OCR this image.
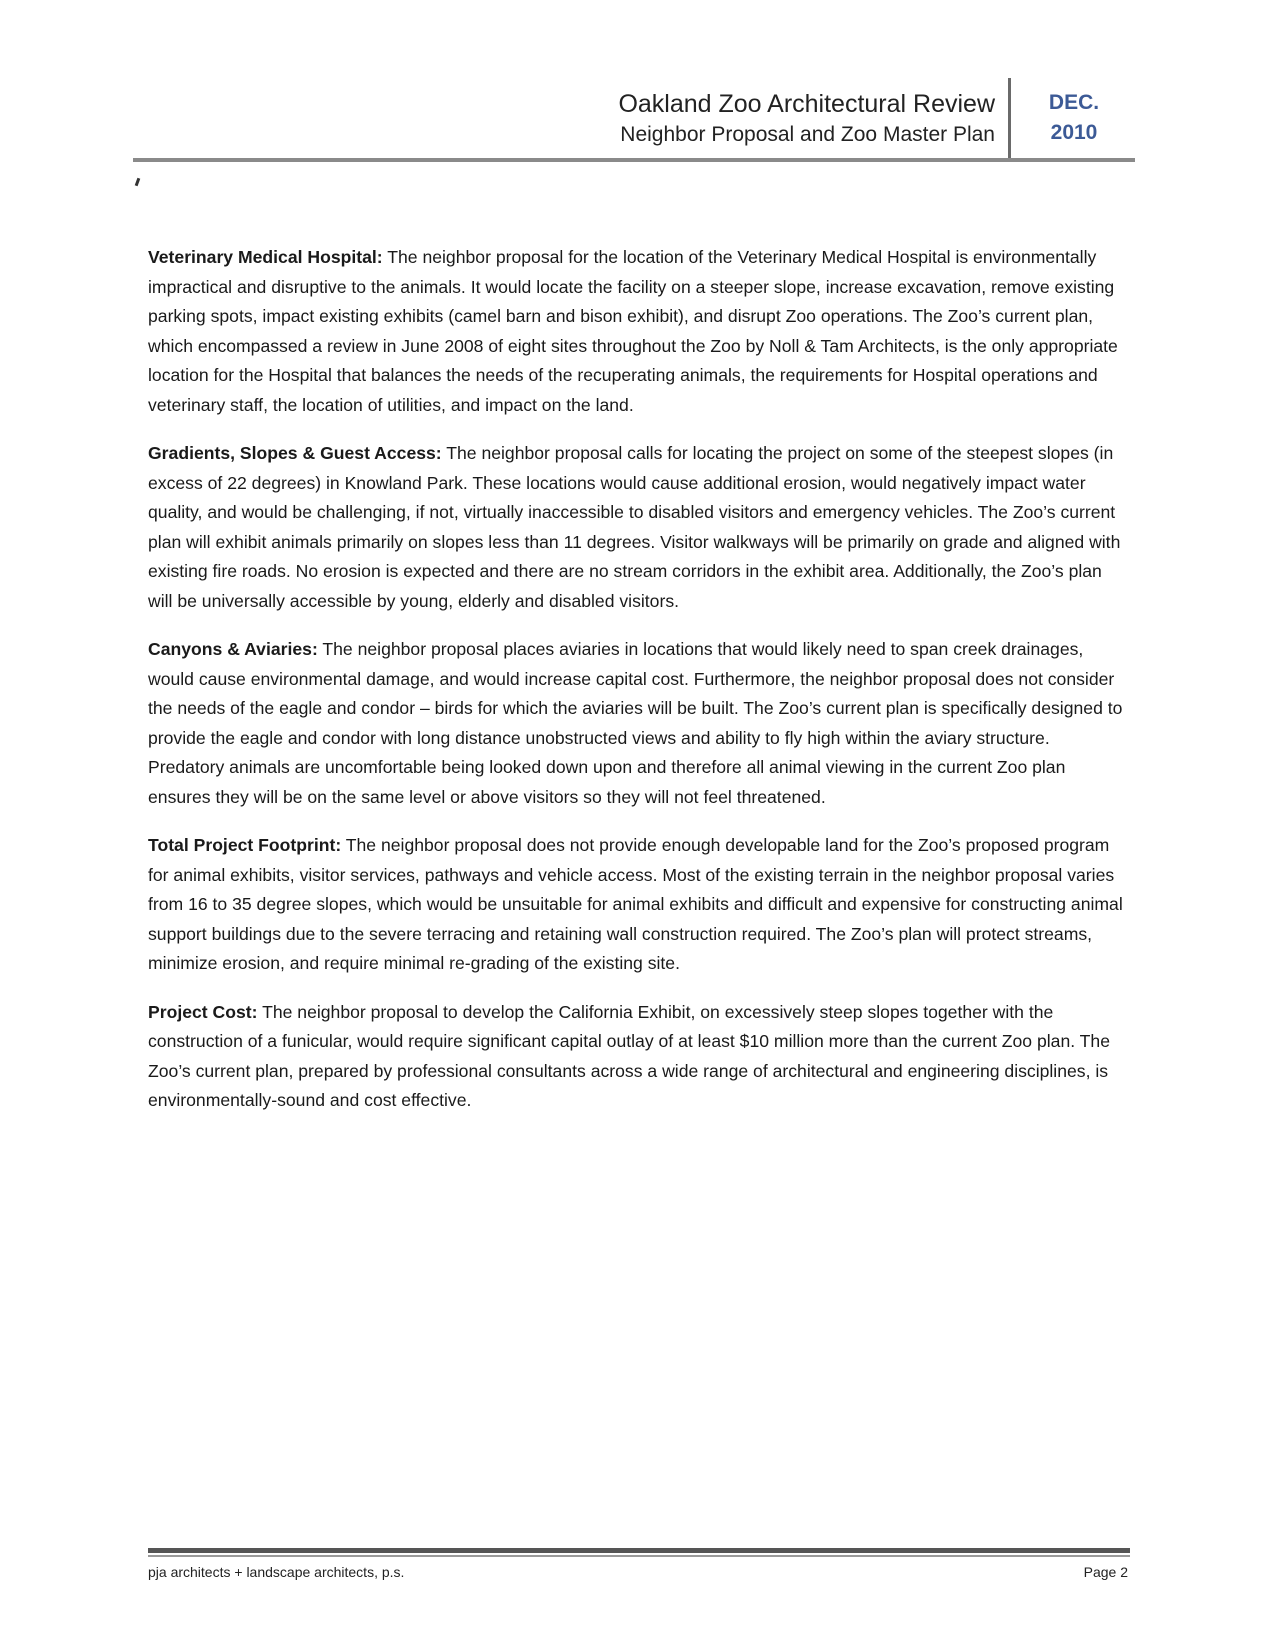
Oakland Zoo Architectural Review
Neighbor Proposal and Zoo Master Plan
DEC.
2010

Veterinary Medical Hospital: The neighbor proposal for the location of the Veterinary Medical Hospital is environmentally impractical and disruptive to the animals. It would locate the facility on a steeper slope, increase excavation, remove existing parking spots, impact existing exhibits (camel barn and bison exhibit), and disrupt Zoo operations. The Zoo’s current plan, which encompassed a review in June 2008 of eight sites throughout the Zoo by Noll & Tam Architects, is the only appropriate location for the Hospital that balances the needs of the recuperating animals, the requirements for Hospital operations and veterinary staff, the location of utilities, and impact on the land.

Gradients, Slopes & Guest Access: The neighbor proposal calls for locating the project on some of the steepest slopes (in excess of 22 degrees) in Knowland Park. These locations would cause additional erosion, would negatively impact water quality, and would be challenging, if not, virtually inaccessible to disabled visitors and emergency vehicles. The Zoo’s current plan will exhibit animals primarily on slopes less than 11 degrees. Visitor walkways will be primarily on grade and aligned with existing fire roads. No erosion is expected and there are no stream corridors in the exhibit area. Additionally, the Zoo’s plan will be universally accessible by young, elderly and disabled visitors.

Canyons & Aviaries: The neighbor proposal places aviaries in locations that would likely need to span creek drainages, would cause environmental damage, and would increase capital cost. Furthermore, the neighbor proposal does not consider the needs of the eagle and condor – birds for which the aviaries will be built. The Zoo’s current plan is specifically designed to provide the eagle and condor with long distance unobstructed views and ability to fly high within the aviary structure. Predatory animals are uncomfortable being looked down upon and therefore all animal viewing in the current Zoo plan ensures they will be on the same level or above visitors so they will not feel threatened.

Total Project Footprint: The neighbor proposal does not provide enough developable land for the Zoo’s proposed program for animal exhibits, visitor services, pathways and vehicle access. Most of the existing terrain in the neighbor proposal varies from 16 to 35 degree slopes, which would be unsuitable for animal exhibits and difficult and expensive for constructing animal support buildings due to the severe terracing and retaining wall construction required. The Zoo’s plan will protect streams, minimize erosion, and require minimal re-grading of the existing site.

Project Cost: The neighbor proposal to develop the California Exhibit, on excessively steep slopes together with the construction of a funicular, would require significant capital outlay of at least $10 million more than the current Zoo plan. The Zoo’s current plan, prepared by professional consultants across a wide range of architectural and engineering disciplines, is environmentally-sound and cost effective.

pja architects + landscape architects, p.s.	Page 2
